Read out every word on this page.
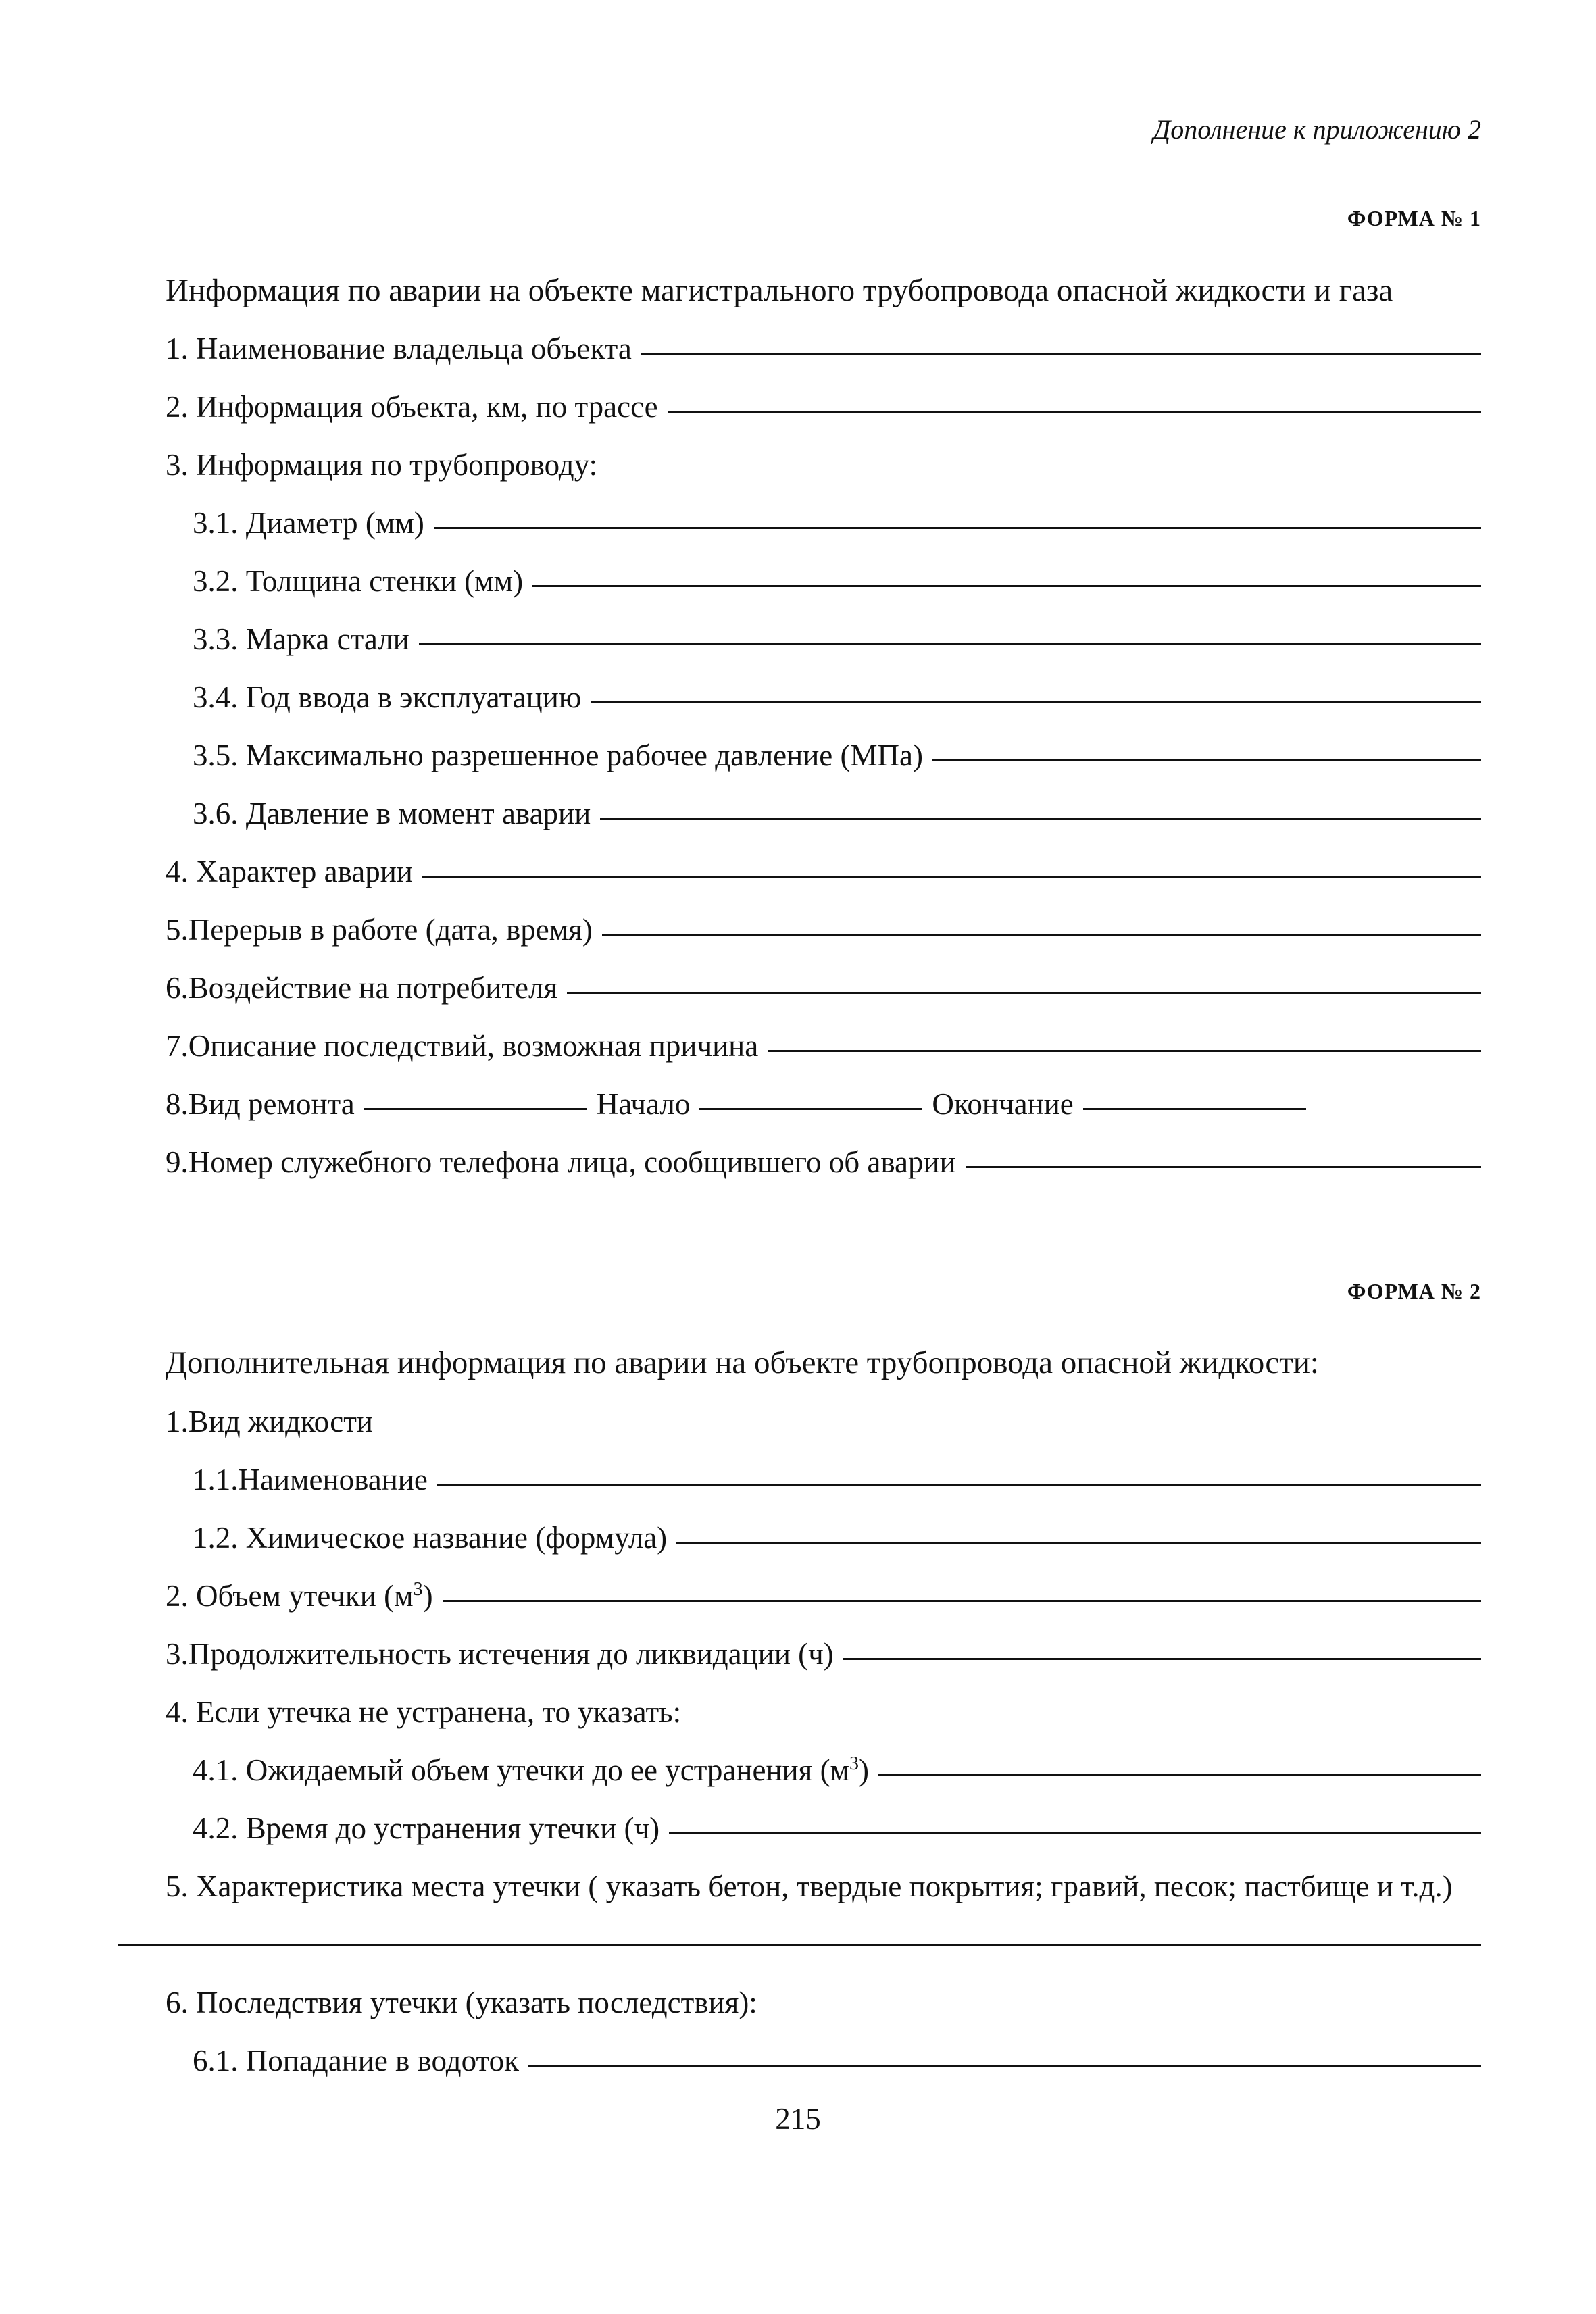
Дополнение к приложению 2
ФОРМА № 1
Информация по аварии на объекте магистрального трубопровода опасной жидкости и газа
1. Наименование владельца объекта
2. Информация объекта, км, по трассе
3. Информация по трубопроводу:
3.1. Диаметр (мм)
3.2. Толщина стенки (мм)
3.3. Марка стали
3.4. Год ввода в эксплуатацию
3.5. Максимально разрешенное рабочее давление (МПа)
3.6. Давление в момент аварии
4. Характер аварии
5.Перерыв в работе (дата, время)
6.Воздействие на потребителя
7.Описание последствий, возможная причина
8.Вид ремонта	Начало	Окончание
9.Номер служебного телефона лица, сообщившего об аварии
ФОРМА № 2
Дополнительная информация по аварии на объекте трубопровода опасной жидкости:
1.Вид жидкости
1.1.Наименование
1.2. Химическое название (формула)
2. Объем утечки $(м^3)$
3.Продолжительность истечения до ликвидации (ч)
4. Если утечка не устранена, то указать:
4.1. Ожидаемый объем утечки до ее устранения $(м^3)$
4.2. Время до устранения утечки (ч)
5. Характеристика места утечки ( указать бетон, твердые покрытия; гравий, песок; пастбище и т.д.)
6. Последствия утечки (указать последствия):
6.1. Попадание в водоток
215
